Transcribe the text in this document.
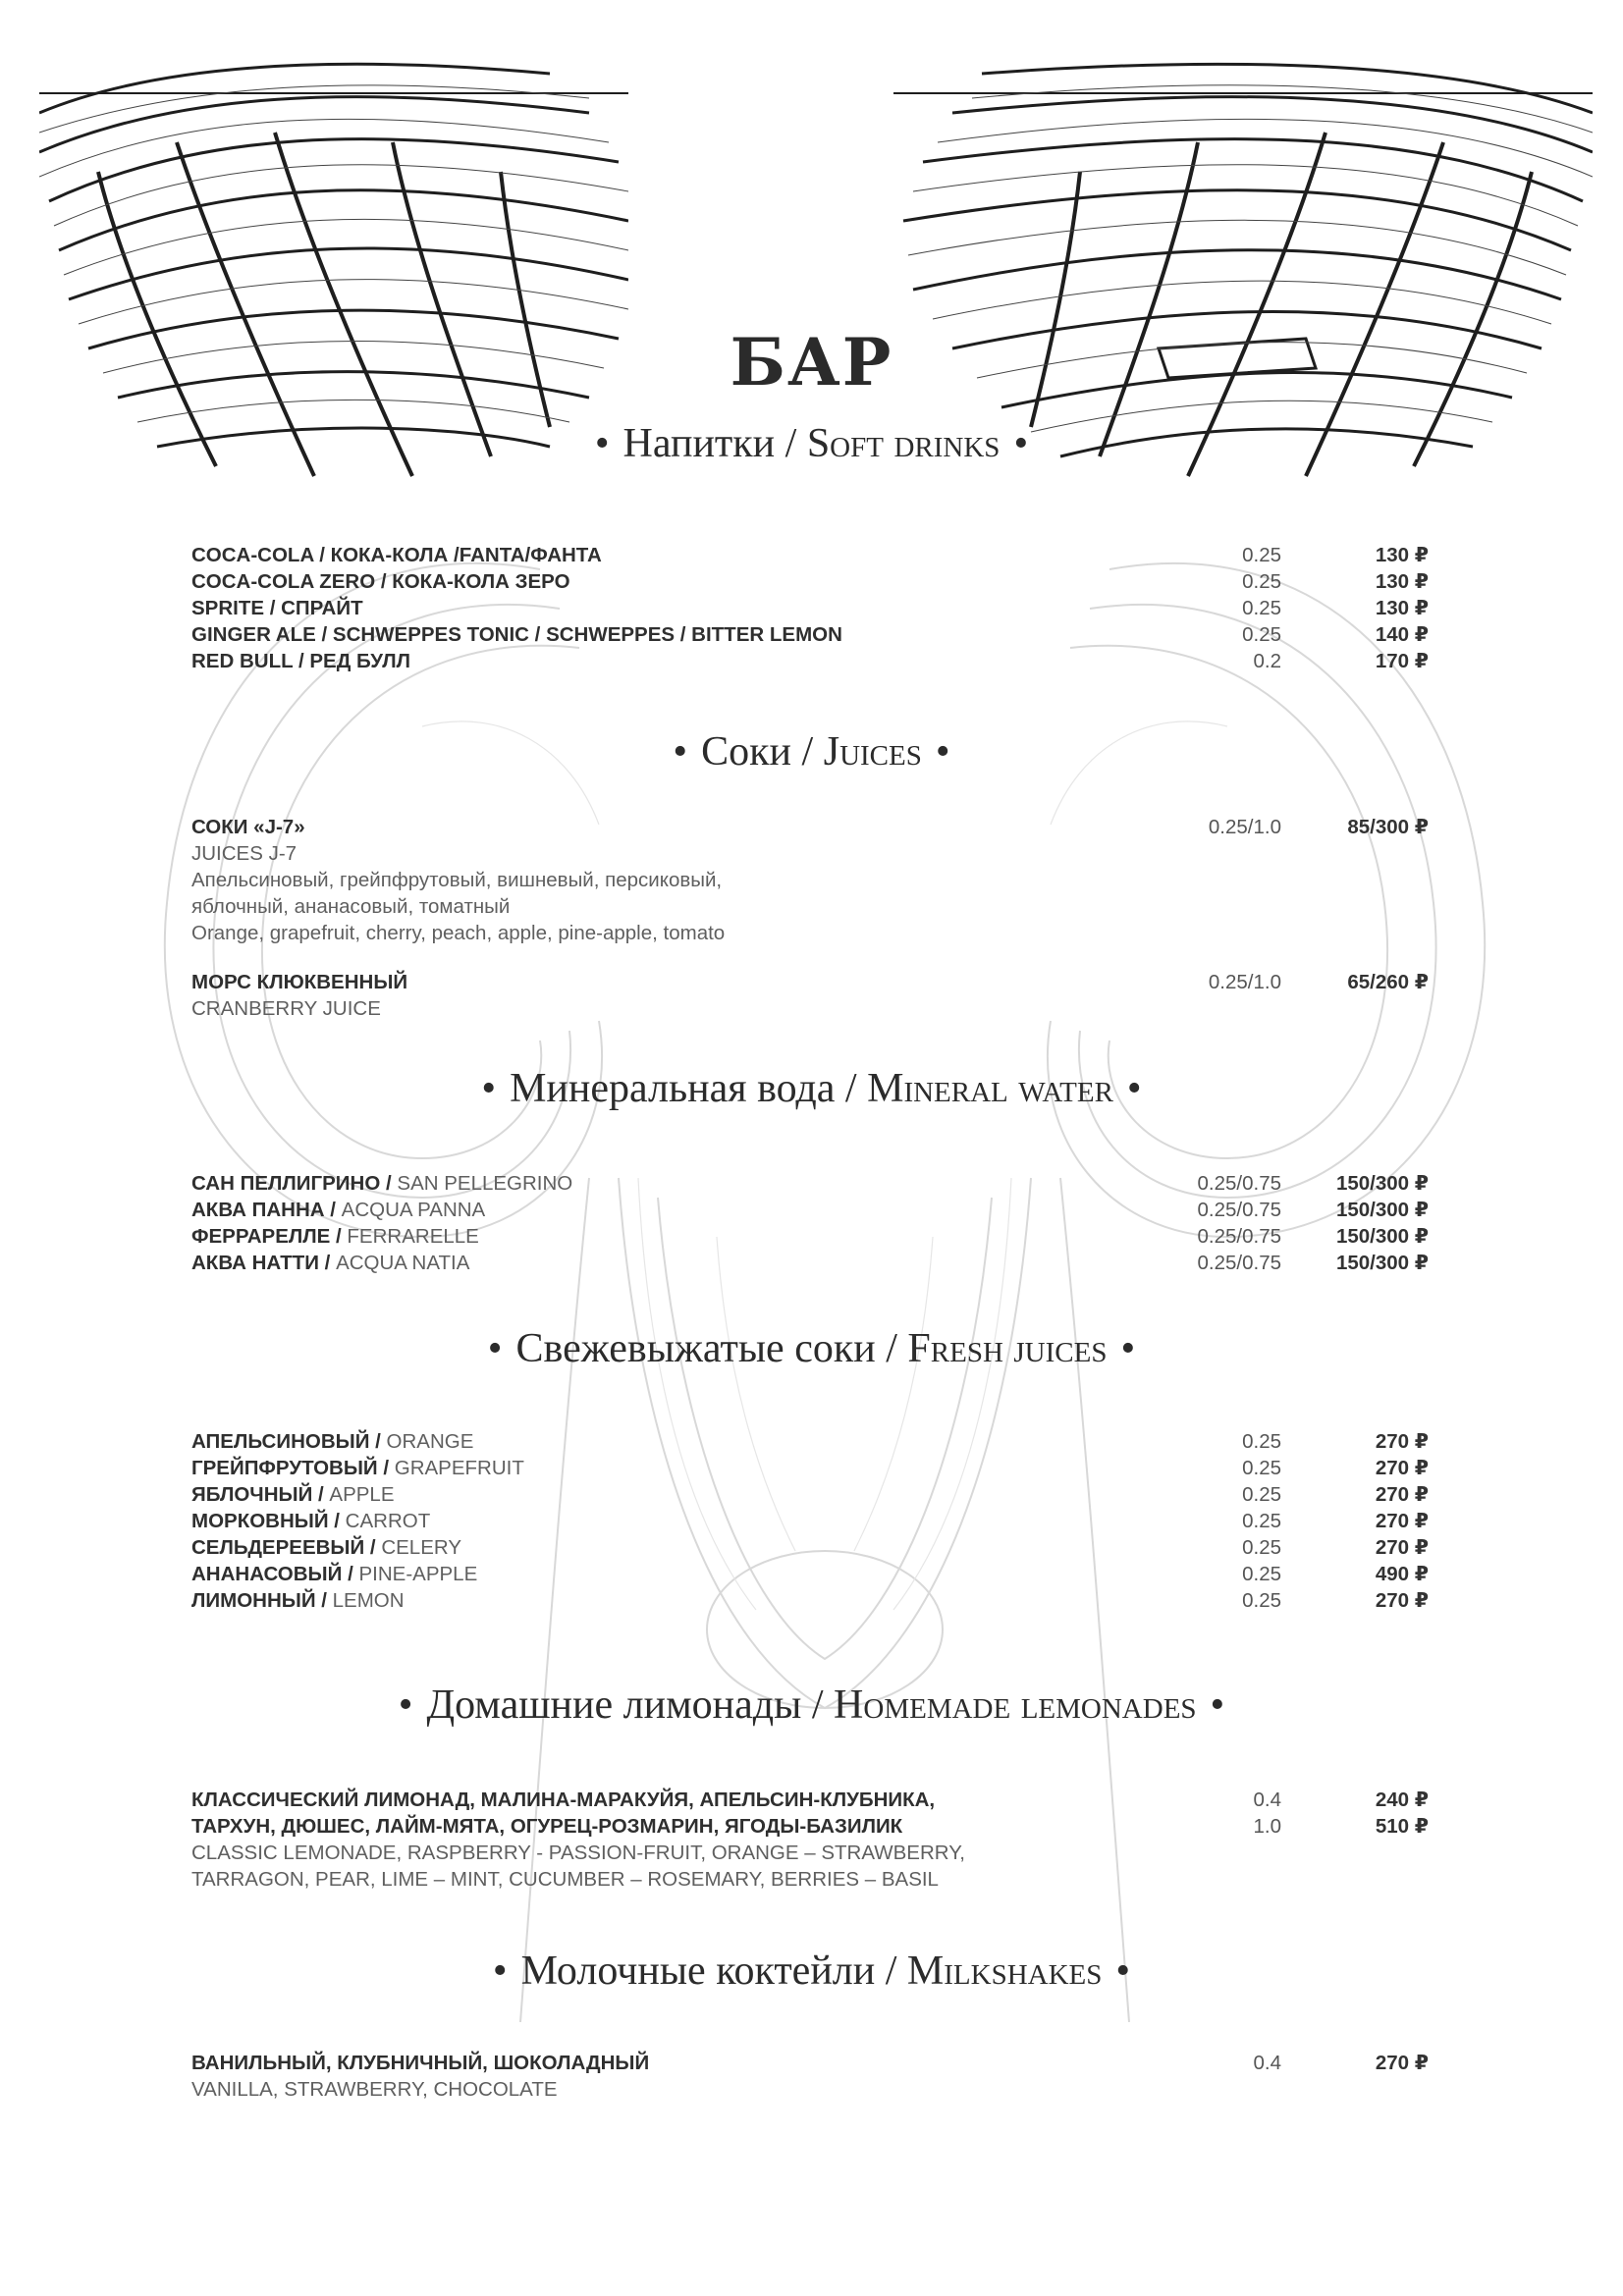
БАР
• Напитки / Soft drinks •
COCA-COLA / КОКА-КОЛА /FANTA/ФАНТА	0.25	130 ₽
COCA-COLA ZERO / КОКА-КОЛА ЗЕРО	0.25	130 ₽
SPRITE / СПРАЙТ	0.25	130 ₽
GINGER ALE / SCHWEPPES TONIC / SCHWEPPES / BITTER LEMON	0.25	140 ₽
RED BULL / РЕД БУЛЛ	0.2	170 ₽
• Соки / Juices •
СОКИ «J-7»	0.25/1.0	85/300 ₽
JUICES J-7
Апельсиновый, грейпфрутовый, вишневый, персиковый,
яблочный, ананасовый, томатный
Orange, grapefruit, cherry, peach, apple, pine-apple, tomato
МОРС КЛЮКВЕННЫЙ	0.25/1.0	65/260 ₽
CRANBERRY JUICE
• Минеральная вода / Mineral water •
САН ПЕЛЛИГРИНО / SAN PELLEGRINO	0.25/0.75	150/300 ₽
АКВА ПАННА / ACQUA PANNA	0.25/0.75	150/300 ₽
ФЕРРАРЕЛЛЕ / FERRARELLE	0.25/0.75	150/300 ₽
АКВА НАТТИ / ACQUA NATIA	0.25/0.75	150/300 ₽
• Свежевыжатые соки / Fresh juices •
АПЕЛЬСИНОВЫЙ / ORANGE	0.25	270 ₽
ГРЕЙПФРУТОВЫЙ / GRAPEFRUIT	0.25	270 ₽
ЯБЛОЧНЫЙ / APPLE	0.25	270 ₽
МОРКОВНЫЙ / CARROT	0.25	270 ₽
СЕЛЬДЕРЕЕВЫЙ / CELERY	0.25	270 ₽
АНАНАСОВЫЙ / PINE-APPLE	0.25	490 ₽
ЛИМОННЫЙ / LEMON	0.25	270 ₽
• Домашние лимонады / Homemade lemonades •
КЛАССИЧЕСКИЙ ЛИМОНАД, МАЛИНА-МАРАКУЙЯ, АПЕЛЬСИН-КЛУБНИКА,	0.4	240 ₽
ТАРХУН, ДЮШЕС, ЛАЙМ-МЯТА, ОГУРЕЦ-РОЗМАРИН, ЯГОДЫ-БАЗИЛИК	1.0	510 ₽
CLASSIC LEMONADE, RASPBERRY - PASSION-FRUIT, ORANGE – STRAWBERRY,
TARRAGON, PEAR, LIME – MINT, CUCUMBER – ROSEMARY, BERRIES – BASIL
• Молочные коктейли / Milkshakes •
ВАНИЛЬНЫЙ, КЛУБНИЧНЫЙ, ШОКОЛАДНЫЙ	0.4	270 ₽
VANILLA, STRAWBERRY, CHOCOLATE
